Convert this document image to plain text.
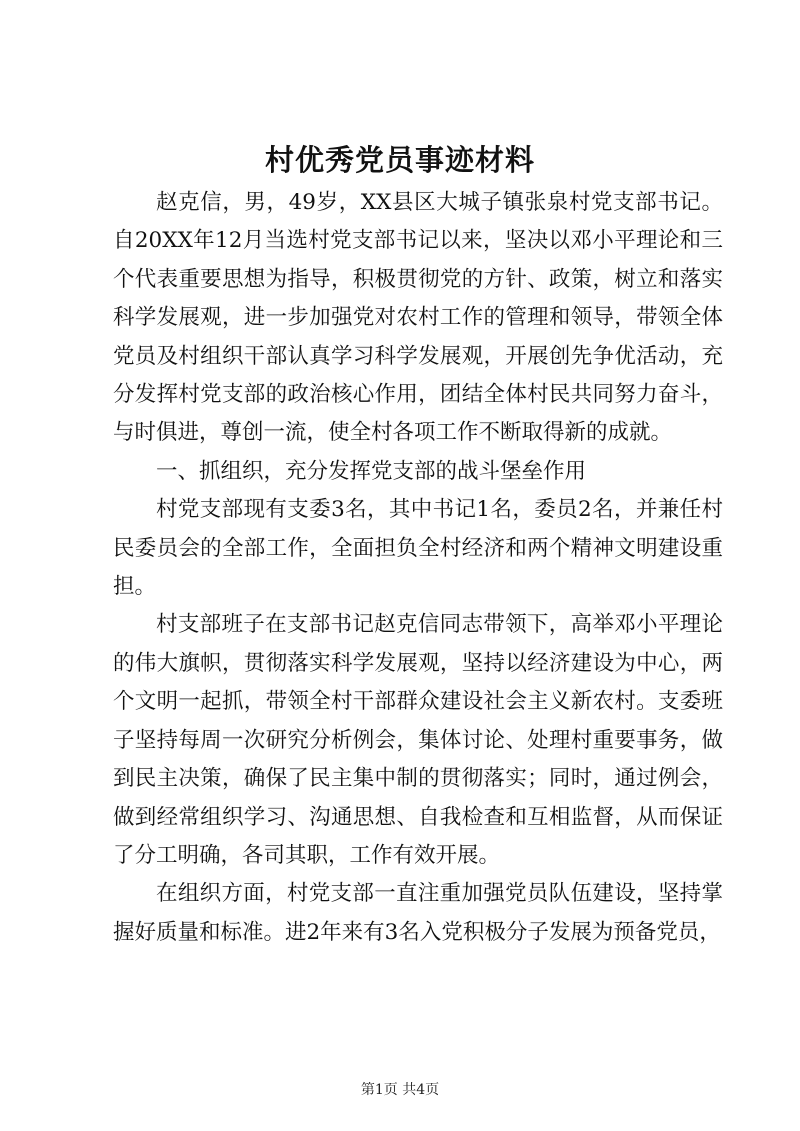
村优秀党员事迹材料

赵克信，男，49岁，XX县区大城子镇张泉村党支部书记。自20XX年12月当选村党支部书记以来，坚决以邓小平理论和三个代表重要思想为指导，积极贯彻党的方针、政策，树立和落实科学发展观，进一步加强党对农村工作的管理和领导，带领全体党员及村组织干部认真学习科学发展观，开展创先争优活动，充分发挥村党支部的政治核心作用，团结全体村民共同努力奋斗，与时俱进，尊创一流，使全村各项工作不断取得新的成就。

一、抓组织，充分发挥党支部的战斗堡垒作用

村党支部现有支委3名，其中书记1名，委员2名，并兼任村民委员会的全部工作，全面担负全村经济和两个精神文明建设重担。

村支部班子在支部书记赵克信同志带领下，高举邓小平理论的伟大旗帜，贯彻落实科学发展观，坚持以经济建设为中心，两个文明一起抓，带领全村干部群众建设社会主义新农村。支委班子坚持每周一次研究分析例会，集体讨论、处理村重要事务，做到民主决策，确保了民主集中制的贯彻落实；同时，通过例会，做到经常组织学习、沟通思想、自我检查和互相监督，从而保证了分工明确，各司其职，工作有效开展。

在组织方面，村党支部一直注重加强党员队伍建设，坚持掌握好质量和标准。进2年来有3名入党积极分子发展为预备党员，

第1页 共4页
